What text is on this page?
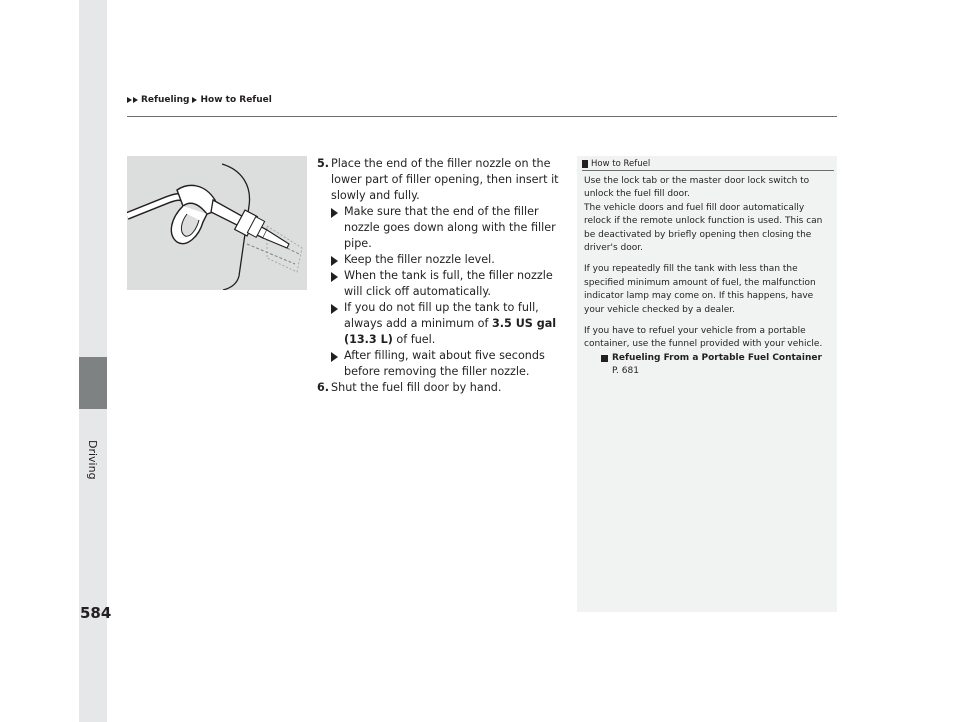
Driving
Refueling How to Refuel
5. Place the end of the filler nozzle on the lower part of filler opening, then insert it slowly and fully.
Make sure that the end of the filler nozzle goes down along with the filler pipe.
Keep the filler nozzle level.
When the tank is full, the filler nozzle will click off automatically.
If you do not fill up the tank to full, always add a minimum of 3.5 US gal (13.3 L) of fuel.
After filling, wait about five seconds before removing the filler nozzle.
6. Shut the fuel fill door by hand.
How to Refuel

Use the lock tab or the master door lock switch to unlock the fuel fill door.
The vehicle doors and fuel fill door automatically relock if the remote unlock function is used. This can be deactivated by briefly opening then closing the driver's door.

If you repeatedly fill the tank with less than the specified minimum amount of fuel, the malfunction indicator lamp may come on. If this happens, have your vehicle checked by a dealer.

If you have to refuel your vehicle from a portable container, use the funnel provided with your vehicle.

Refueling From a Portable Fuel Container
P. 681
584
